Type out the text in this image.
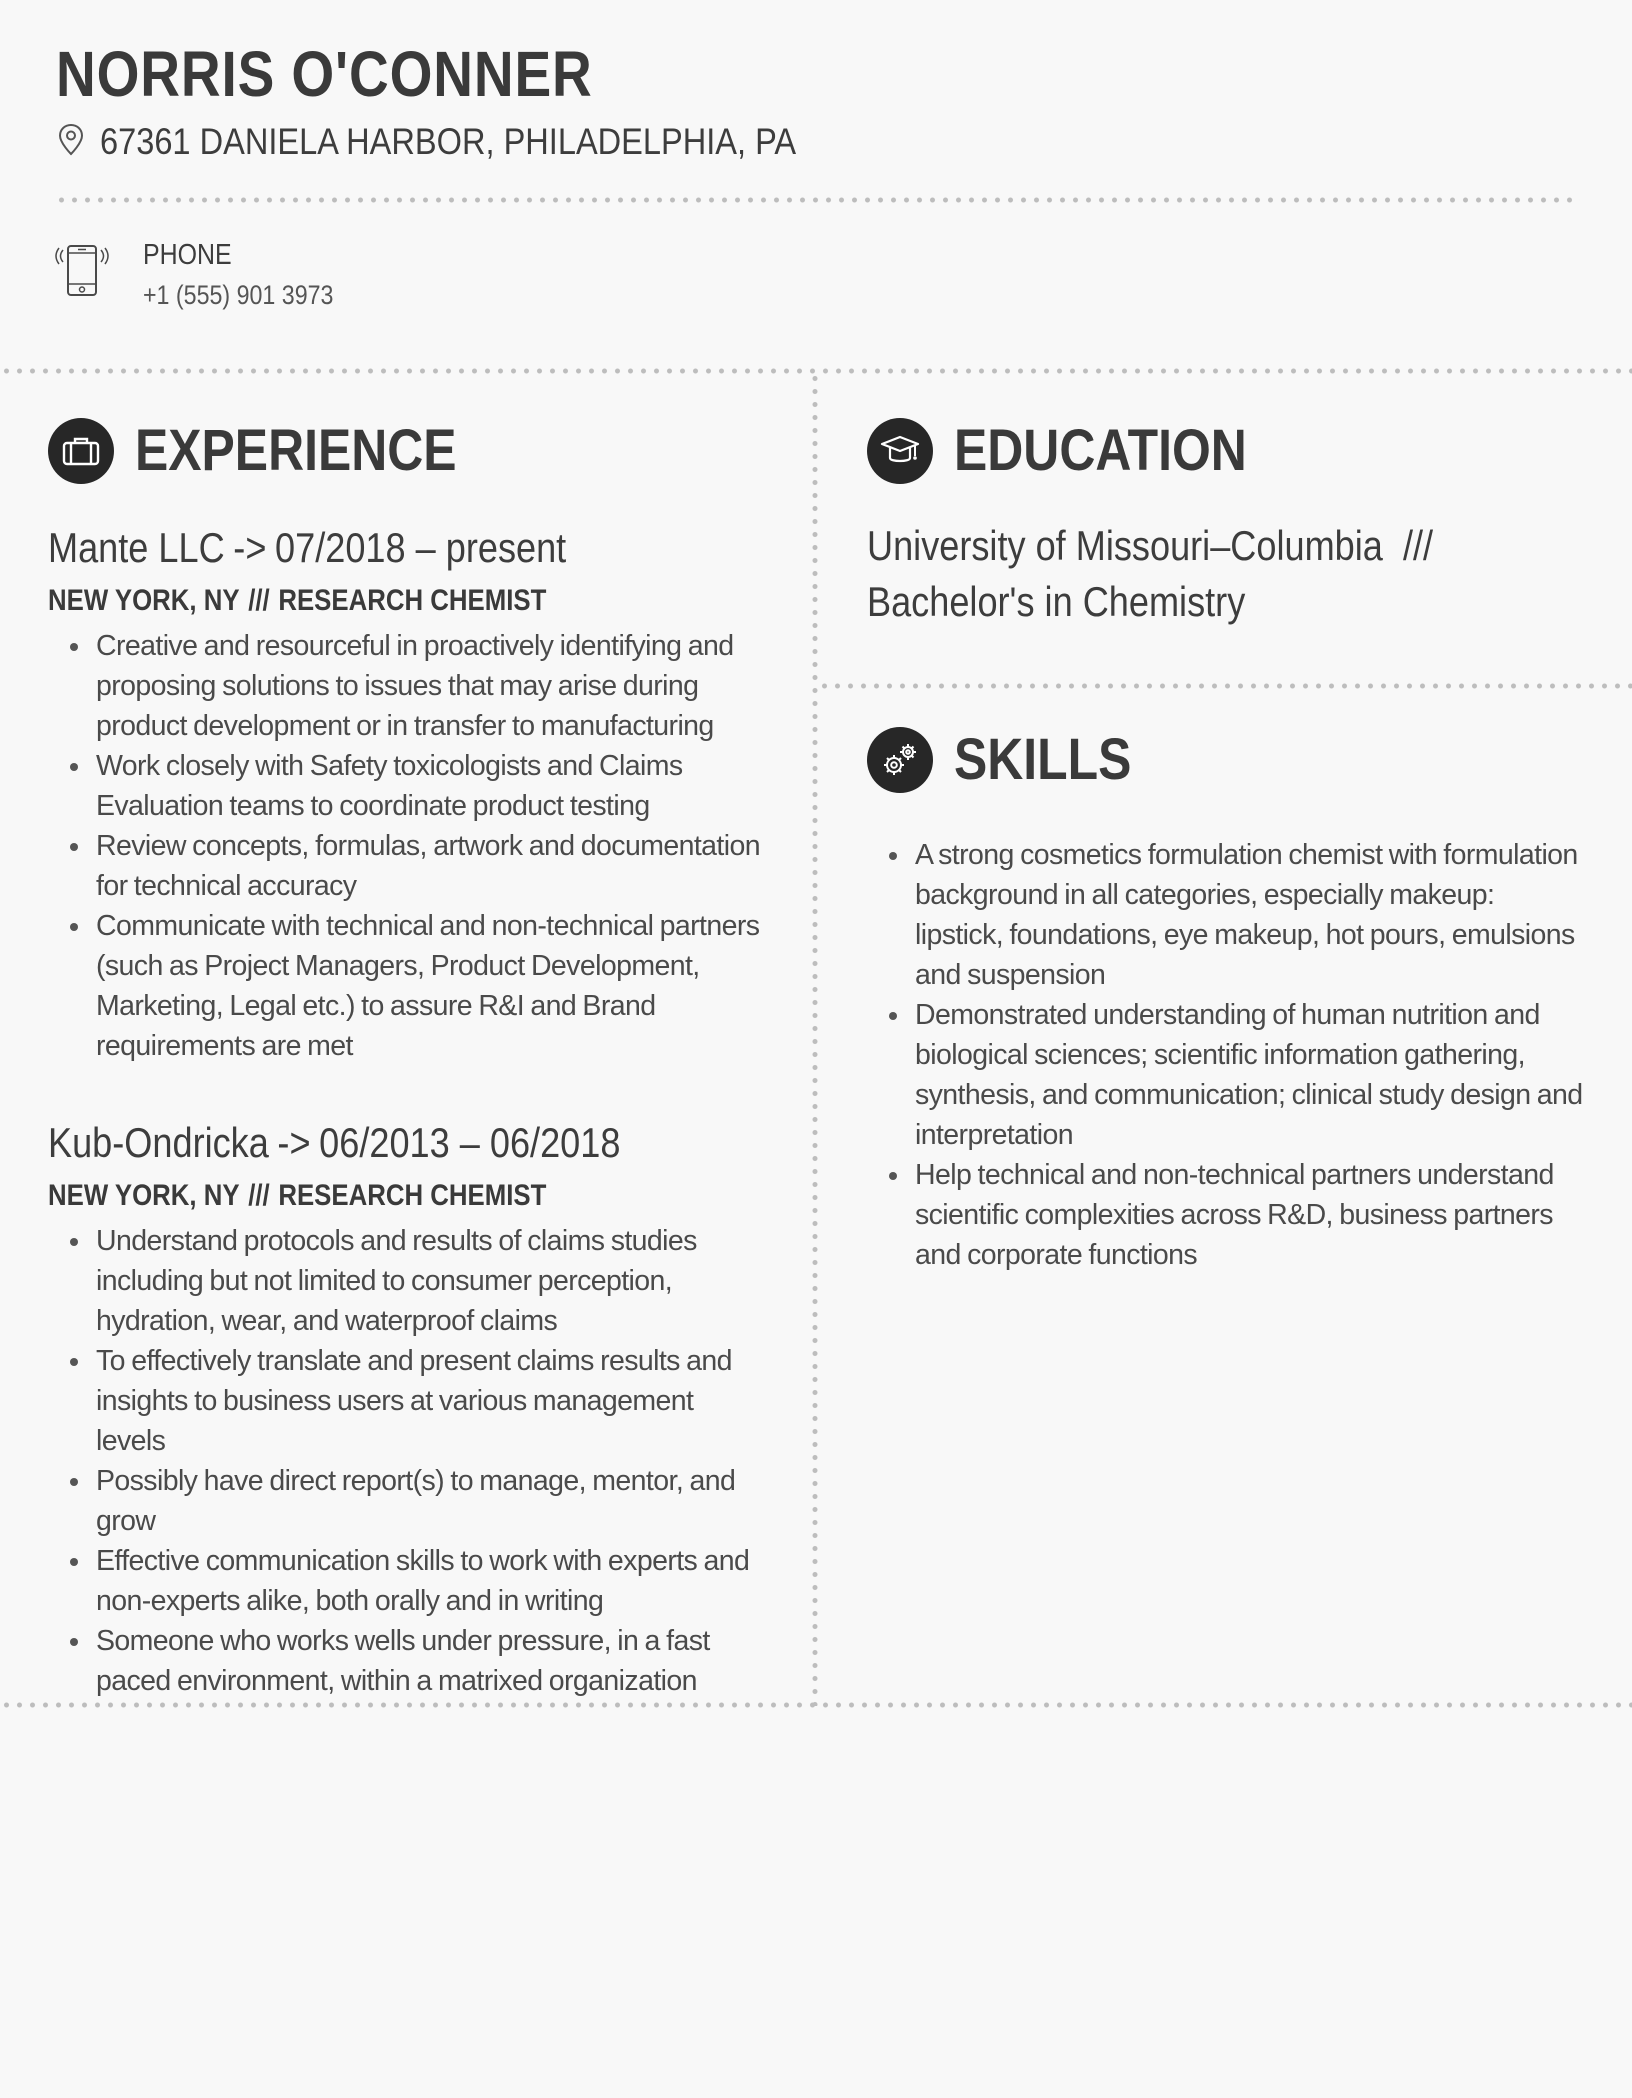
NORRIS O'CONNER
67361 DANIELA HARBOR, PHILADELPHIA, PA
PHONE
+1 (555) 901 3973
EXPERIENCE
Mante LLC -> 07/2018 – present
NEW YORK, NY /// RESEARCH CHEMIST
Creative and resourceful in proactively identifying and proposing solutions to issues that may arise during product development or in transfer to manufacturing
Work closely with Safety toxicologists and Claims Evaluation teams to coordinate product testing
Review concepts, formulas, artwork and documentation for technical accuracy
Communicate with technical and non-technical partners (such as Project Managers, Product Development, Marketing, Legal etc.) to assure R&I and Brand requirements are met
Kub-Ondricka -> 06/2013 – 06/2018
NEW YORK, NY /// RESEARCH CHEMIST
Understand protocols and results of claims studies including but not limited to consumer perception, hydration, wear, and waterproof claims
To effectively translate and present claims results and insights to business users at various management levels
Possibly have direct report(s) to manage, mentor, and grow
Effective communication skills to work with experts and non-experts alike, both orally and in writing
Someone who works wells under pressure, in a fast paced environment, within a matrixed organization
EDUCATION
University of Missouri–Columbia ///
Bachelor's in Chemistry
SKILLS
A strong cosmetics formulation chemist with formulation background in all categories, especially makeup: lipstick, foundations, eye makeup, hot pours, emulsions and suspension
Demonstrated understanding of human nutrition and biological sciences; scientific information gathering, synthesis, and communication; clinical study design and interpretation
Help technical and non-technical partners understand scientific complexities across R&D, business partners and corporate functions
